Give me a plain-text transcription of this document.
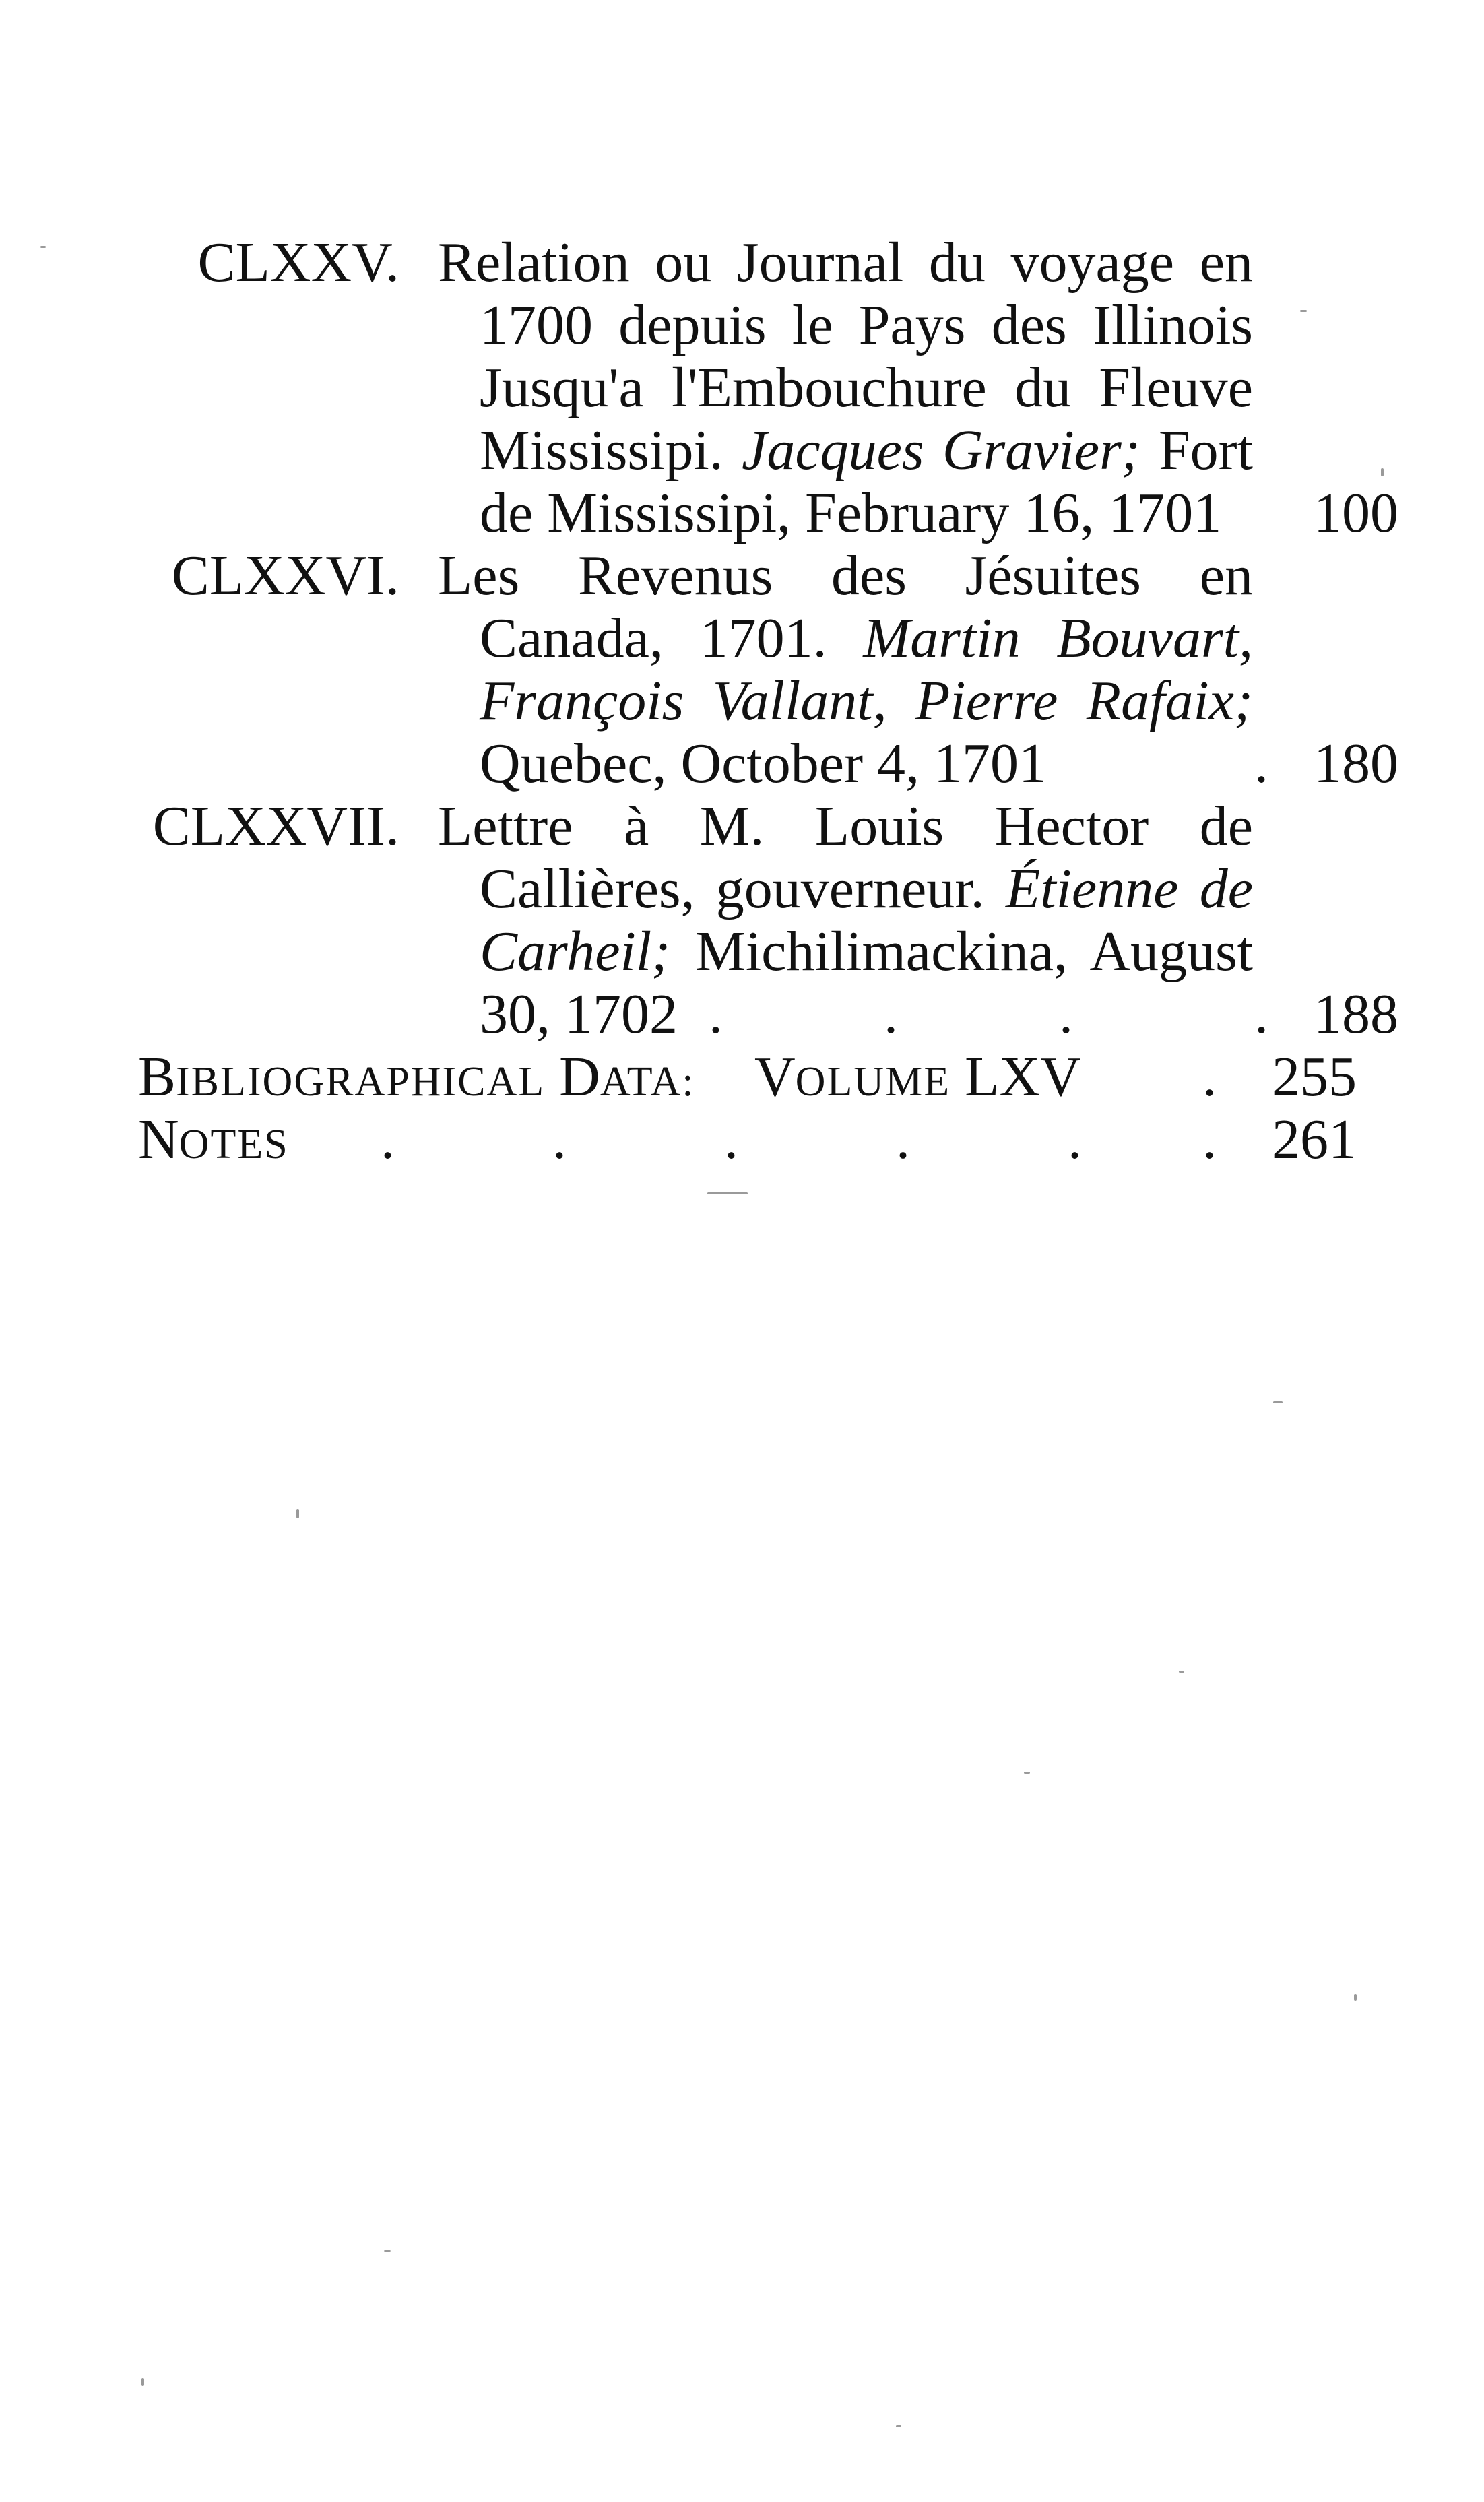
CLXXV. Relation ou Journal du voyage en
1700 depuis le Pays des Illinois
Jusqu'a l'Embouchure du Fleuve
Mississipi. Jacques Gravier; Fort
de Mississipi, February 16, 1701 100
CLXXVI. Les Revenus des Jésuites en
Canada, 1701. Martin Bouvart,
François Vallant, Pierre Rafaix;
Quebec, October 4, 1701	. 180
CLXXVII. Lettre à M. Louis Hector de
Callières, gouverneur. Étienne de
Carheil; Michilimackina, August
30, 1702 .	.	.	. 188
BIBLIOGRAPHICAL DATA: VOLUME LXV . 255
NOTES .	.	.	.	. . 261
